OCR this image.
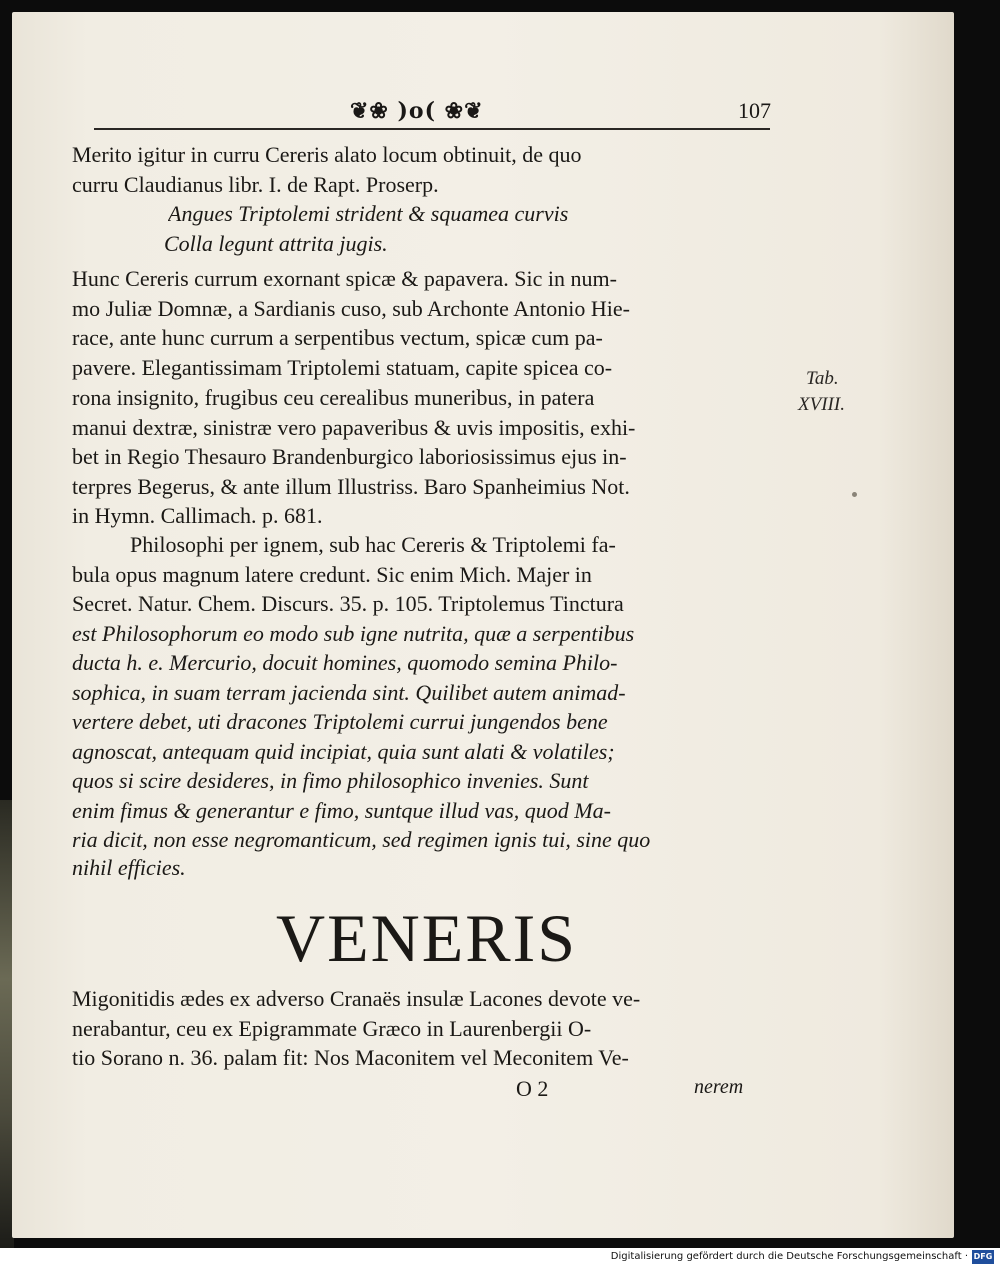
❦❀ )o( ❀❦	107
Merito igitur in curru Cereris alato locum obtinuit, de quo
curru Claudianus libr. I. de Rapt. Proserp.
Angues Triptolemi strident & squamea curvis
Colla legunt attrita jugis.
Hunc Cereris currum exornant spicæ & papavera. Sic in num-
mo Juliæ Domnæ, a Sardianis cuso, sub Archonte Antonio Hie-
race, ante hunc currum a serpentibus vectum, spicæ cum pa-
pavere. Elegantissimam Triptolemi statuam, capite spicea co-
rona insignito, frugibus ceu cerealibus muneribus, in patera
manui dextræ, sinistræ vero papaveribus & uvis impositis, exhi-
bet in Regio Thesauro Brandenburgico laboriosissimus ejus in-
terpres Begerus, & ante illum Illustriss. Baro Spanheimius Not.
in Hymn. Callimach. p. 681.
Philosophi per ignem, sub hac Cereris & Triptolemi fa-
bula opus magnum latere credunt. Sic enim Mich. Majer in
Secret. Natur. Chem. Discurs. 35. p. 105. Triptolemus Tinctura
est Philosophorum eo modo sub igne nutrita, quæ a serpentibus
ducta h. e. Mercurio, docuit homines, quomodo semina Philo-
sophica, in suam terram jacienda sint. Quilibet autem animad-
vertere debet, uti dracones Triptolemi currui jungendos bene
agnoscat, antequam quid incipiat, quia sunt alati & volatiles;
quos si scire desideres, in fimo philosophico invenies. Sunt
enim fimus & generantur e fimo, suntque illud vas, quod Ma-
ria dicit, non esse negromanticum, sed regimen ignis tui, sine quo
nihil efficies.
Tab.
XVIII.
VENERIS
Migonitidis ædes ex adverso Cranaës insulæ Lacones devote ve-
nerabantur, ceu ex Epigrammate Græco in Laurenbergii O-
tio Sorano n. 36. palam fit: Nos Maconitem vel Meconitem Ve-
O 2	nerem
Digitalisierung gefördert durch die Deutsche Forschungsgemeinschaft · DFG
